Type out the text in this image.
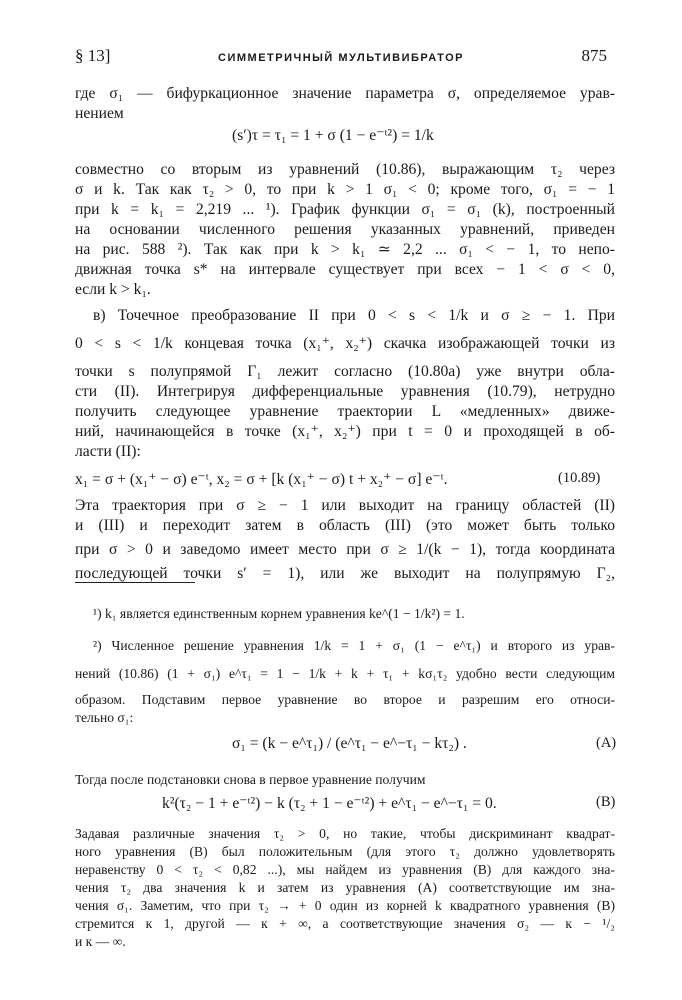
§ 13]	СИММЕТРИЧНЫЙ МУЛЬТИВИБРАТОР	875
где σ₁ — бифуркационное значение параметра σ, определяемое урав-
нением
(s′)τ = τ₁ = 1 + σ (1 − e⁻ᵗ²) = 1/k
совместно со вторым из уравнений (10.86), выражающим τ₂ через
σ и k. Так как τ₂ > 0, то при k > 1 σ₁ < 0; кроме того, σ₁ = − 1
при k = k₁ = 2,219 ... ¹). График функции σ₁ = σ₁ (k), построенный
на основании численного решения указанных уравнений, приведен
на рис. 588 ²). Так как при k > k₁ ≃ 2,2 ... σ₁ < − 1, то непо-
движная точка s* на интервале существует при всех − 1 < σ < 0,
если k > k₁.
в) Точечное преобразование II при 0 < s < 1/k и σ ≥ − 1. При
0 < s < 1/k концевая точка (x₁⁺, x₂⁺) скачка изображающей точки из
точки s полупрямой Γ₁ лежит согласно (10.80а) уже внутри обла-
сти (II). Интегрируя дифференциальные уравнения (10.79), нетрудно
получить следующее уравнение траектории L «медленных» движе-
ний, начинающейся в точке (x₁⁺, x₂⁺) при t = 0 и проходящей в об-
ласти (II):
x₁ = σ + (x₁⁺ − σ) e⁻ᵗ, x₂ = σ + [k (x₁⁺ − σ) t + x₂⁺ − σ] e⁻ᵗ.	(10.89)
Эта траектория при σ ≥ − 1 или выходит на границу областей (II)
и (III) и переходит затем в область (III) (это может быть только
при σ > 0 и заведомо имеет место при σ ≥ 1/(k − 1), тогда координата
последующей точки s′ = 1), или же выходит на полупрямую Γ₂,
¹) k₁ является единственным корнем уравнения ke^(1 − 1/k²) = 1.
²) Численное решение уравнения 1/k = 1 + σ₁ (1 − e^τ₁) и второго из урав-
нений (10.86) (1 + σ₁) e^τ₁ = 1 − 1/k + k + τ₁ + kσ₁τ₂ удобно вести следующим
образом. Подставим первое уравнение во второе и разрешим его относи-
тельно σ₁:
σ₁ = (k − e^τ₁) / (e^τ₁ − e^−τ₁ − kτ₂) .	(A)
Тогда после подстановки снова в первое уравнение получим
k²(τ₂ − 1 + e⁻ᵗ²) − k (τ₂ + 1 − e⁻ᵗ²) + e^τ₁ − e^−τ₁ = 0.	(B)
Задавая различные значения τ₂ > 0, но такие, чтобы дискриминант квадрат-
ного уравнения (B) был положительным (для этого τ₂ должно удовлетворять
неравенству 0 < τ₂ < 0,82 ...), мы найдем из уравнения (B) для каждого зна-
чения τ₂ два значения k и затем из уравнения (A) соответствующие им зна-
чения σ₁. Заметим, что при τ₂ → + 0 один из корней k квадратного уравнения (B)
стремится к 1, другой — к + ∞, а соответствующие значения σ₂ — к − ¹/₂
и к — ∞.
